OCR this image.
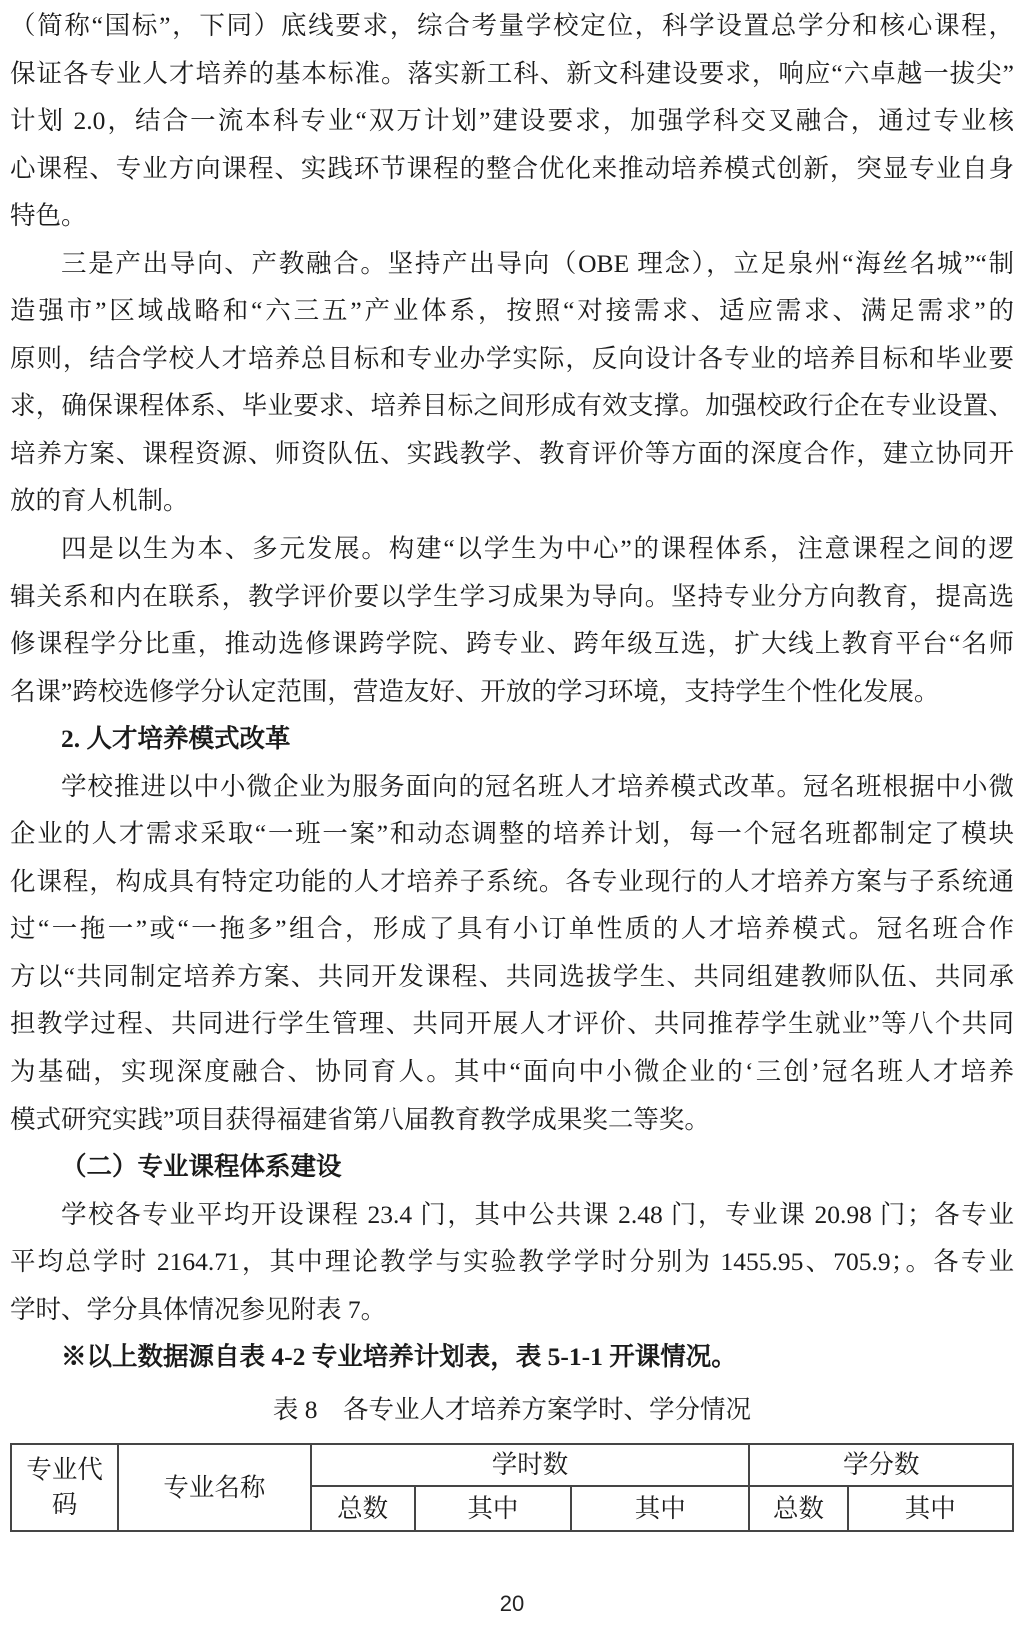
（简称“国标”，下同）底线要求，综合考量学校定位，科学设置总学分和核心课程，
保证各专业人才培养的基本标准。落实新工科、新文科建设要求，响应“六卓越一拔尖”
计划 2.0，结合一流本科专业“双万计划”建设要求，加强学科交叉融合，通过专业核
心课程、专业方向课程、实践环节课程的整合优化来推动培养模式创新，突显专业自身
特色。
三是产出导向、产教融合。坚持产出导向（OBE 理念），立足泉州“海丝名城”“制
造强市”区域战略和“六三五”产业体系，按照“对接需求、适应需求、满足需求”的
原则，结合学校人才培养总目标和专业办学实际，反向设计各专业的培养目标和毕业要
求，确保课程体系、毕业要求、培养目标之间形成有效支撑。加强校政行企在专业设置、
培养方案、课程资源、师资队伍、实践教学、教育评价等方面的深度合作，建立协同开
放的育人机制。
四是以生为本、多元发展。构建“以学生为中心”的课程体系，注意课程之间的逻
辑关系和内在联系，教学评价要以学生学习成果为导向。坚持专业分方向教育，提高选
修课程学分比重，推动选修课跨学院、跨专业、跨年级互选，扩大线上教育平台“名师
名课”跨校选修学分认定范围，营造友好、开放的学习环境，支持学生个性化发展。
2. 人才培养模式改革
学校推进以中小微企业为服务面向的冠名班人才培养模式改革。冠名班根据中小微
企业的人才需求采取“一班一案”和动态调整的培养计划，每一个冠名班都制定了模块
化课程，构成具有特定功能的人才培养子系统。各专业现行的人才培养方案与子系统通
过“一拖一”或“一拖多”组合，形成了具有小订单性质的人才培养模式。冠名班合作
方以“共同制定培养方案、共同开发课程、共同选拔学生、共同组建教师队伍、共同承
担教学过程、共同进行学生管理、共同开展人才评价、共同推荐学生就业”等八个共同
为基础，实现深度融合、协同育人。其中“面向中小微企业的‘三创’冠名班人才培养
模式研究实践”项目获得福建省第八届教育教学成果奖二等奖。
（二）专业课程体系建设
学校各专业平均开设课程 23.4 门，其中公共课 2.48 门，专业课 20.98 门；各专业
平均总学时 2164.71，其中理论教学与实验教学学时分别为 1455.95、705.9；。各专业
学时、学分具体情况参见附表 7。
※以上数据源自表 4-2 专业培养计划表，表 5-1-1 开课情况。
表 8　各专业人才培养方案学时、学分情况
专业代码	专业名称	学时数			学分数	
		总数	其中	其中	总数	其中
20
